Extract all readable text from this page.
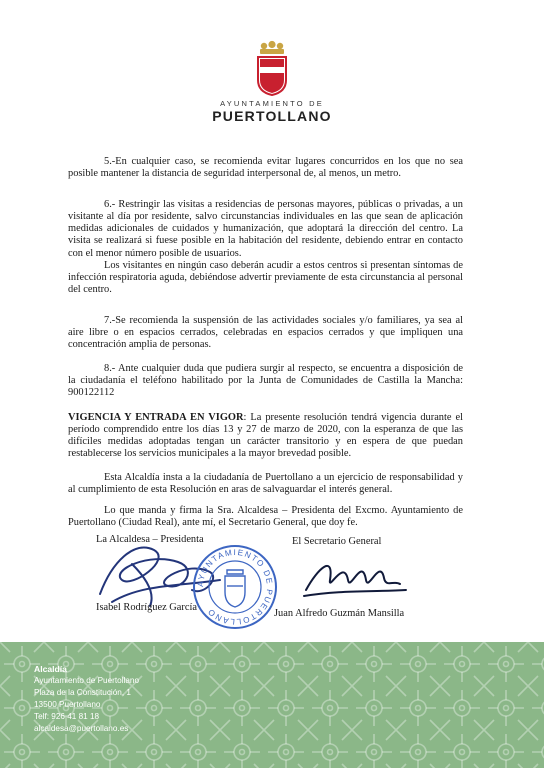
AYUNTAMIENTO DE
PUERTOLLANO

5.-En cualquier caso, se recomienda evitar lugares concurridos en los que no sea posible mantener la distancia de seguridad interpersonal de, al menos, un metro.

6.- Restringir las visitas a residencias de personas mayores, públicas o privadas, a un visitante al día por residente, salvo circunstancias individuales en las que sean de aplicación medidas adicionales de cuidados y humanización, que adoptará la dirección del centro. La visita se realizará si fuese posible en la habitación del residente, debiendo entrar en contacto con el menor número posible de usuarios.

Los visitantes en ningún caso deberán acudir a estos centros si presentan síntomas de infección respiratoria aguda, debiéndose advertir previamente de esta circunstancia al personal del centro.

7.-Se recomienda la suspensión de las actividades sociales y/o familiares, ya sea al aire libre o en espacios cerrados, celebradas en espacios cerrados y que impliquen una concentración amplia de personas.

8.- Ante cualquier duda que pudiera surgir al respecto, se encuentra a disposición de la ciudadanía el teléfono habilitado por la Junta de Comunidades de Castilla la Mancha: 900122112

VIGENCIA Y ENTRADA EN VIGOR: La presente resolución tendrá vigencia durante el período comprendido entre los días 13 y 27 de marzo de 2020, con la esperanza de que las difíciles medidas adoptadas tengan un carácter transitorio y en espera de que puedan restablecerse los servicios municipales a la mayor brevedad posible.

Esta Alcaldía insta a la ciudadanía de Puertollano a un ejercicio de responsabilidad y al cumplimiento de esta Resolución en aras de salvaguardar el interés general.

Lo que manda y firma la Sra. Alcaldesa – Presidenta del Excmo. Ayuntamiento de Puertollano (Ciudad Real), ante mí, el Secretario General, que doy fe.

La Alcaldesa – Presidenta	El Secretario General
AYUNTAMIENTO DE PUERTOLLANO
Isabel Rodríguez García
Juan Alfredo Guzmán Mansilla
Alcaldía
Ayuntamiento de Puertollano
Plaza de la Constitución, 1
13500 Puertollano
Telf: 926 41 81 18
alcaldesa@puertollano.es
